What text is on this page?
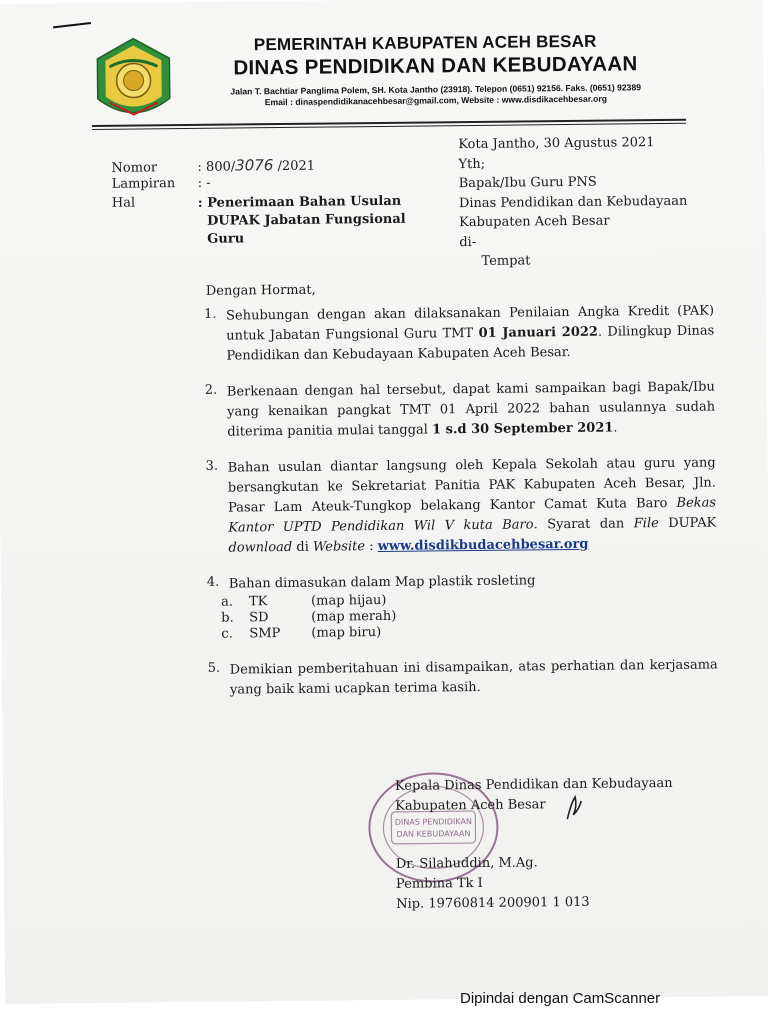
PEMERINTAH KABUPATEN ACEH BESAR
DINAS PENDIDIKAN DAN KEBUDAYAAN
Jalan T. Bachtiar Panglima Polem, SH. Kota Jantho (23918). Telepon (0651) 92156. Faks. (0651) 92389
Email : dinaspendidikanacehbesar@gmail.com, Website : www.disdikacehbesar.org
Kota Jantho, 30 Agustus 2021
Yth;
Bapak/Ibu Guru PNS
Dinas Pendidikan dan Kebudayaan
Kabupaten Aceh Besar
di-
Tempat
Nomor	: 800/3076 /2021
Lampiran	: -
Hal	: Penerimaan Bahan Usulan
DUPAK Jabatan Fungsional
Guru
Dengan Hormat,
1. Sehubungan dengan akan dilaksanakan Penilaian Angka Kredit (PAK) untuk Jabatan Fungsional Guru TMT 01 Januari 2022. Dilingkup Dinas Pendidikan dan Kebudayaan Kabupaten Aceh Besar.
2. Berkenaan dengan hal tersebut, dapat kami sampaikan bagi Bapak/Ibu yang kenaikan pangkat TMT 01 April 2022 bahan usulannya sudah diterima panitia mulai tanggal 1 s.d 30 September 2021.
3. Bahan usulan diantar langsung oleh Kepala Sekolah atau guru yang bersangkutan ke Sekretariat Panitia PAK Kabupaten Aceh Besar, Jln. Pasar Lam Ateuk-Tungkop belakang Kantor Camat Kuta Baro Bekas Kantor UPTD Pendidikan Wil V kuta Baro. Syarat dan File DUPAK download di Website : www.disdikbudacehbesar.org
4. Bahan dimasukan dalam Map plastik rosleting
a.	TK	(map hijau)
b.	SD	(map merah)
c.	SMP	(map biru)
5. Demikian pemberitahuan ini disampaikan, atas perhatian dan kerjasama yang baik kami ucapkan terima kasih.
DINAS PENDIDIKAN
DAN KEBUDAYAAN
Kepala Dinas Pendidikan dan Kebudayaan
Kabupaten Aceh Besar
Dr. Silahuddin, M.Ag.
Pembina Tk I
Nip. 19760814 200901 1 013
Dipindai dengan CamScanner
